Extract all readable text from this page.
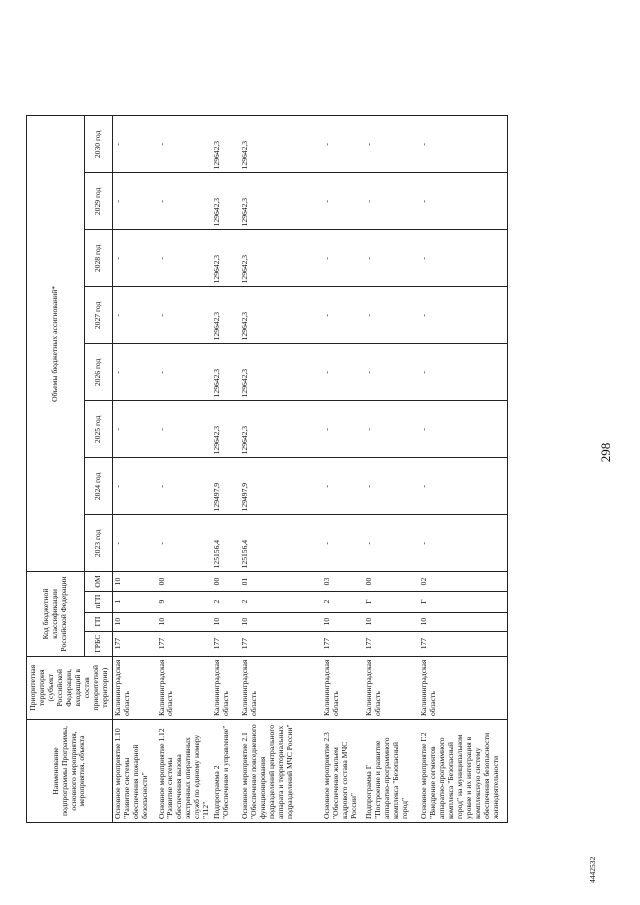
Наименование подпрограммы Программы, основного мероприятия, мероприятия, объекта	Приоритетная территория (субъект Российской Федерации, входящий в состав приоритетной территории)	Код бюджетной классификации Российской Федерации				Объемы бюджетных ассигнований*							
		ГРБС	ГП	пГП	ОМ	2023 год	2024 год	2025 год	2026 год	2027 год	2028 год	2029 год	2030 год
Основное мероприятие 1.10 "Развитие системы обеспечения пожарной безопасности"	Калининградская область	177	10	1	10	-	-	-	-	-	-	-	-
Основное мероприятие 1.12 "Развитие системы обеспечения вызова экстренных оперативных служб по единому номеру "112"	Калининградская область	177	10	9	00	-	-	-	-	-	-	-	-
Подпрограмма 2 "Обеспечение и управление"	Калининградская область	177	10	2	00	125156,4	129497,9	129642,3	129642,3	129642,3	129642,3	129642,3	129642,3
Основное мероприятие 2.1 "Обеспечение повседневного функционирования подразделений центрального аппарата и территориальных подразделений МЧС России"	Калининградская область	177	10	2	01	125156,4	129497,9	129642,3	129642,3	129642,3	129642,3	129642,3	129642,3
Основное мероприятие 2.3 "Обеспечение жильем кадрового состава МЧС России"	Калининградская область	177	10	2	03	-	-	-	-	-	-	-	-
Подпрограмма Г "Построение и развитие аппаратно-программного комплекса "Безопасный город"	Калининградская область	177	10	Г	00	-	-	-	-	-	-	-	-
Основное мероприятие Г.2 "Внедрение сегментов аппаратно-программного комплекса "Безопасный город" на муниципальном уровне и их интеграция в комплексную систему обеспечения безопасности жизнедеятельности	Калининградская область	177	10	Г	02	-	-	-	-	-	-	-	-
298
4442532
